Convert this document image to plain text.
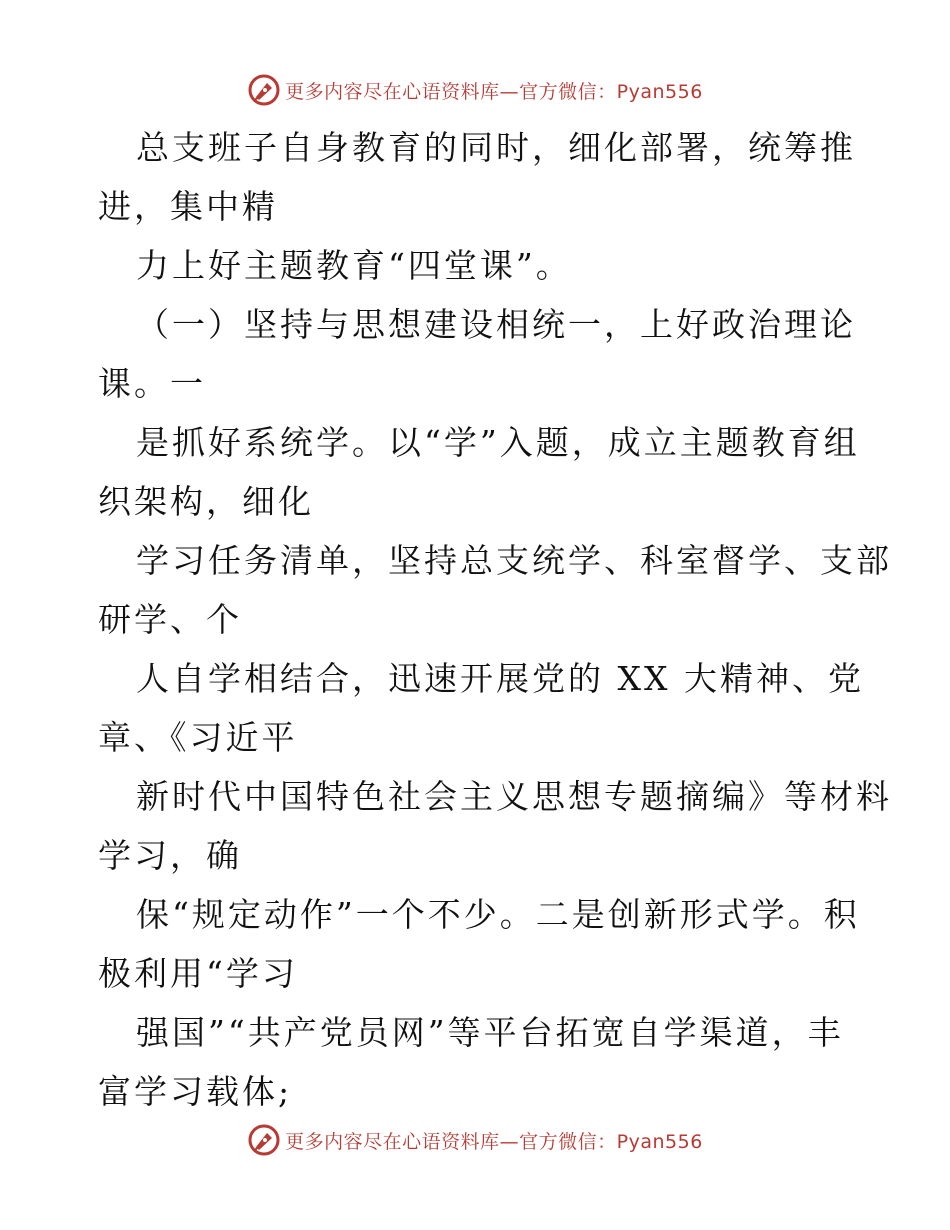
更多内容尽在心语资料库—官方微信：Pyan556
总支班子自身教育的同时，细化部署，统筹推
进，集中精
力上好主题教育“四堂课”。
（一）坚持与思想建设相统一，上好政治理论
课。一
是抓好系统学。以“学”入题，成立主题教育组
织架构，细化
学习任务清单，坚持总支统学、科室督学、支部
研学、个
人自学相结合，迅速开展党的 XX 大精神、党
章、《习近平
新时代中国特色社会主义思想专题摘编》等材料
学习，确
保“规定动作”一个不少。二是创新形式学。积
极利用“学习
强国”“共产党员网”等平台拓宽自学渠道，丰
富学习载体;
更多内容尽在心语资料库—官方微信：Pyan556
